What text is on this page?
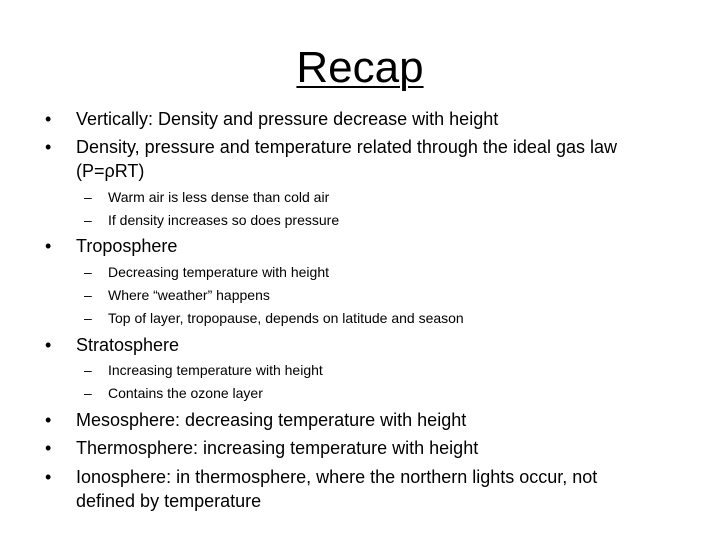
Recap
• Vertically: Density and pressure decrease with height
• Density, pressure and temperature related through the ideal gas law
(P=ρRT)
– Warm air is less dense than cold air
– If density increases so does pressure
• Troposphere
– Decreasing temperature with height
– Where “weather” happens
– Top of layer, tropopause, depends on latitude and season
• Stratosphere
– Increasing temperature with height
– Contains the ozone layer
• Mesosphere: decreasing temperature with height
• Thermosphere: increasing temperature with height
• Ionosphere: in thermosphere, where the northern lights occur, not
defined by temperature
